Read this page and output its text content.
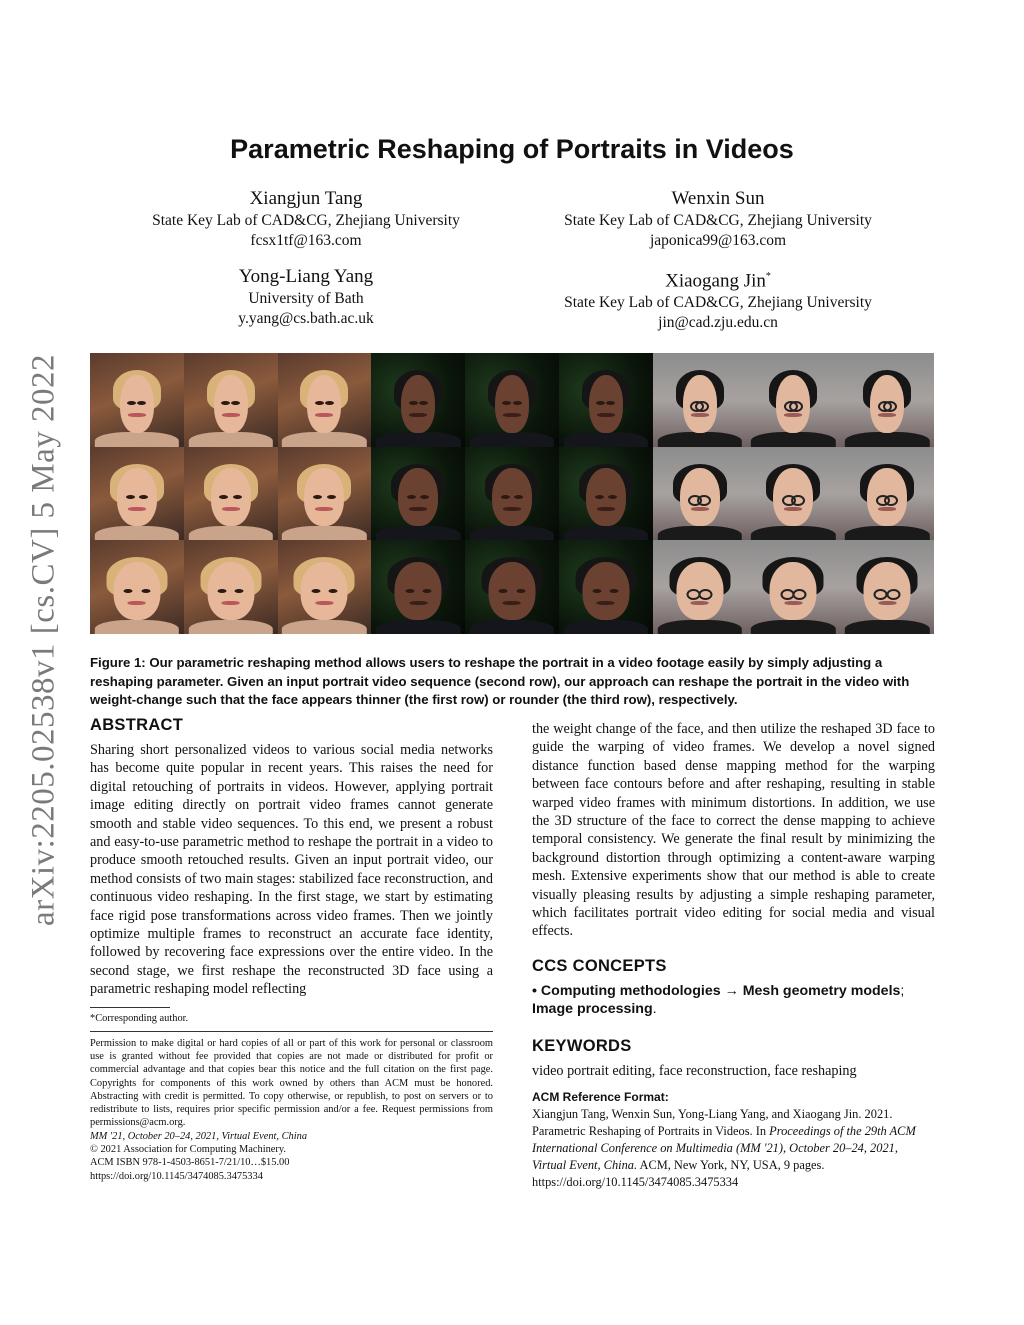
arXiv:2205.02538v1 [cs.CV] 5 May 2022
Parametric Reshaping of Portraits in Videos
Xiangjun Tang
State Key Lab of CAD&CG, Zhejiang University
fcsx1tf@163.com
Wenxin Sun
State Key Lab of CAD&CG, Zhejiang University
japonica99@163.com
Yong-Liang Yang
University of Bath
y.yang@cs.bath.ac.uk
Xiaogang Jin*
State Key Lab of CAD&CG, Zhejiang University
jin@cad.zju.edu.cn
Figure 1: Our parametric reshaping method allows users to reshape the portrait in a video footage easily by simply adjusting a reshaping parameter. Given an input portrait video sequence (second row), our approach can reshape the portrait in the video with weight-change such that the face appears thinner (the first row) or rounder (the third row), respectively.
ABSTRACT

Sharing short personalized videos to various social media networks has become quite popular in recent years. This raises the need for digital retouching of portraits in videos. However, applying portrait image editing directly on portrait video frames cannot generate smooth and stable video sequences. To this end, we present a robust and easy-to-use parametric method to reshape the portrait in a video to produce smooth retouched results. Given an input portrait video, our method consists of two main stages: stabilized face reconstruction, and continuous video reshaping. In the first stage, we start by estimating face rigid pose transformations across video frames. Then we jointly optimize multiple frames to reconstruct an accurate face identity, followed by recovering face expressions over the entire video. In the second stage, we first reshape the reconstructed 3D face using a parametric reshaping model reflecting

*Corresponding author.
Permission to make digital or hard copies of all or part of this work for personal or classroom use is granted without fee provided that copies are not made or distributed for profit or commercial advantage and that copies bear this notice and the full citation on the first page. Copyrights for components of this work owned by others than ACM must be honored. Abstracting with credit is permitted. To copy otherwise, or republish, to post on servers or to redistribute to lists, requires prior specific permission and/or a fee. Request permissions from permissions@acm.org.
MM '21, October 20–24, 2021, Virtual Event, China
© 2021 Association for Computing Machinery.
ACM ISBN 978-1-4503-8651-7/21/10…$15.00
https://doi.org/10.1145/3474085.3475334

the weight change of the face, and then utilize the reshaped 3D face to guide the warping of video frames. We develop a novel signed distance function based dense mapping method for the warping between face contours before and after reshaping, resulting in stable warped video frames with minimum distortions. In addition, we use the 3D structure of the face to correct the dense mapping to achieve temporal consistency. We generate the final result by minimizing the background distortion through optimizing a content-aware warping mesh. Extensive experiments show that our method is able to create visually pleasing results by adjusting a simple reshaping parameter, which facilitates portrait video editing for social media and visual effects.

CCS CONCEPTS
• Computing methodologies → Mesh geometry models; Image processing.
KEYWORDS

video portrait editing, face reconstruction, face reshaping

ACM Reference Format:
Xiangjun Tang, Wenxin Sun, Yong-Liang Yang, and Xiaogang Jin. 2021. Parametric Reshaping of Portraits in Videos. In Proceedings of the 29th ACM International Conference on Multimedia (MM '21), October 20–24, 2021, Virtual Event, China. ACM, New York, NY, USA, 9 pages. https://doi.org/10.1145/3474085.3475334
